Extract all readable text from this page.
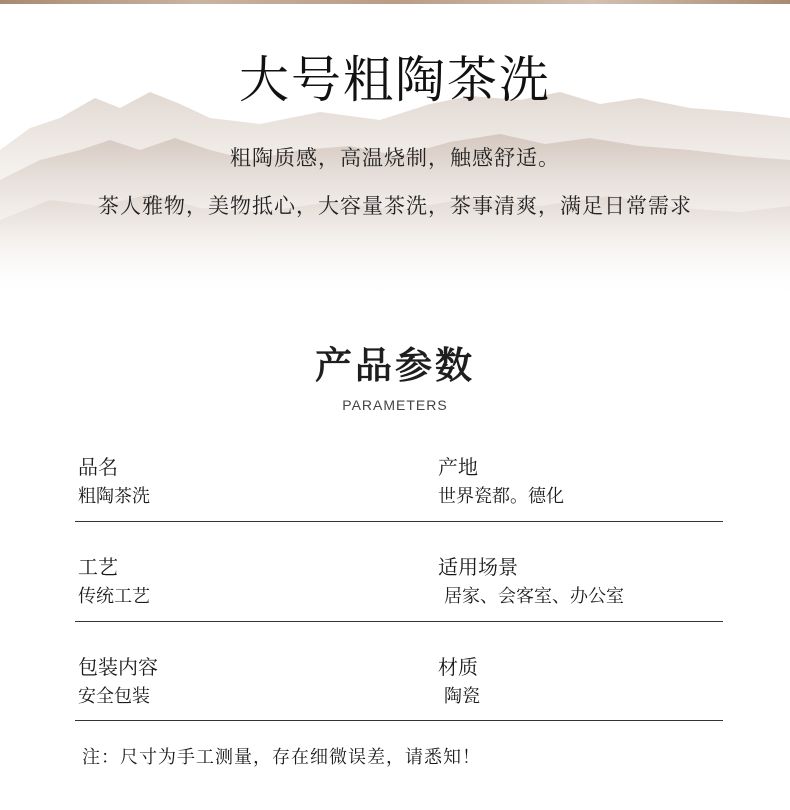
大号粗陶茶洗
粗陶质感，高温烧制，触感舒适。
茶人雅物，美物抵心，大容量茶洗，茶事清爽，满足日常需求
产品参数
PARAMETERS
品名
粗陶茶洗
产地
世界瓷都。德化
工艺
传统工艺
适用场景
居家、会客室、办公室
包装内容
安全包装
材质
陶瓷
注：尺寸为手工测量，存在细微误差，请悉知！
